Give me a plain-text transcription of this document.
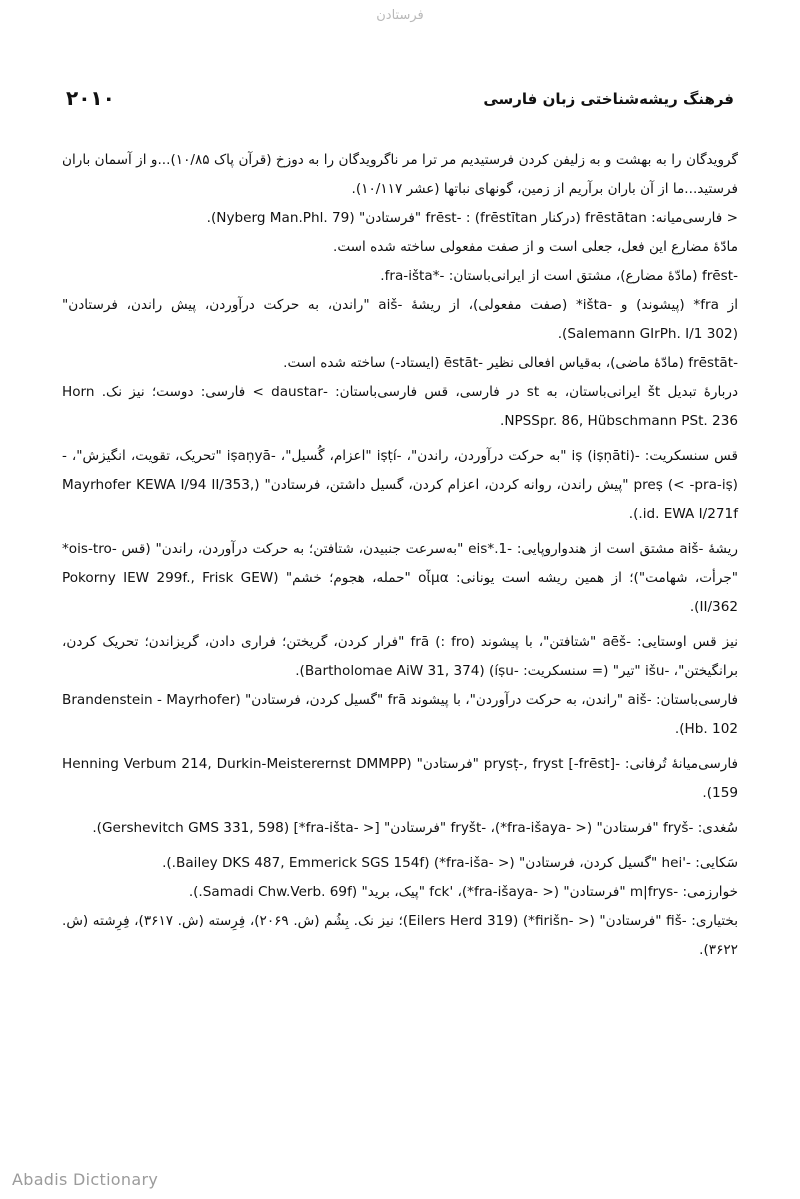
فرستادن
فرهنگ ریشه‌شناختی زبان فارسی
۲۰۱۰

گرویدگان را به بهشت و به زلیفن کردن فرستیدیم مر ترا مر ناگرویدگان را به دوزخ (قرآن پاک ۱۰/۸۵)...و از آسمان باران فرستید...ما از آن باران برآریم از زمین، گونهای نباتها (عشر ۱۰/۱۱۷).

< فارسی‌میانه: frēstātan (درکنار frēstītan) : -frēst "فرستادن" (Nyberg Man.Phl. 79).

مادّهٔ مضارع این فعل، جعلی است و از صفت مفعولی ساخته شده است.

-frēst (مادّهٔ مضارع)، مشتق است از ایرانی‌باستان: -*fra-išta.

از fra* (پیشوند) و -išta* (صفت مفعولی)، از ریشهٔ -aiš "راندن، به حرکت درآوردن، پیش راندن، فرستادن" (Salemann GIrPh. I/1 302).

-frēstāt (مادّهٔ ماضی)، به‌قیاس افعالی نظیر -ēstāt (ایستاد-) ساخته شده است.

دربارهٔ تبدیل št ایرانی‌باستان، به st در فارسی، قس فارسی‌باستان: -daustar > فارسی: دوست؛ نیز نک. Horn NPSSpr. 86, Hübschmann PSt. 236.

قس سنسکریت: -iṣ (iṣṇāti) "به حرکت درآوردن، راندن"، -iṣṭí "اعزام، گُسیل"، -iṣaṇyā "تحریک، تقویت، انگیزش"، -preṣ (< -pra-iṣ) "پیش راندن، روانه کردن، اعزام کردن، گسیل داشتن، فرستادن" (Mayrhofer KEWA I/94 II/353, id. EWA I/271f.).

ریشهٔ -aiš مشتق است از هندواروپایی: -1.*eis "به‌سرعت جنبیدن، شتافتن؛ به حرکت درآوردن، راندن" (قس -ois-tro* "جرأت، شهامت")؛ از همین ریشه است یونانی: οἶμα "حمله، هجوم؛ خشم" (Pokorny IEW 299f., Frisk GEW II/362).

نیز قس اوستایی: -aēš "شتافتن"، با پیشوند frā (: fro) "فرار کردن، گریختن؛ فراری دادن، گریزاندن؛ تحریک کردن، برانگیختن"، -išu "تیر" (= سنسکریت: -íṣu) (Bartholomae AiW 31, 374).

فارسی‌باستان: -aiš "راندن، به حرکت درآوردن"، با پیشوند frā "گسیل کردن، فرستادن" (Brandenstein - Mayrhofer Hb. 102).

فارسی‌میانهٔ تُرفانی: -prysṭ-, fryst [-frēst] "فرستادن" (Henning Verbum 214, Durkin-Meisterernst DMMPP 159).

سُغدی: -fryš "فرستادن" (< -fra-išaya*)، -fryšt "فرستادن" [< -fra-išta*] (Gershevitch GMS 331, 598).

سَکایی: -'hei "گسیل کردن، فرستادن" (< -fra-iša*) (Bailey DKS 487, Emmerick SGS 154f.).

خوارزمی: -m|frys "فرستادن" (< -fra-išaya*)، 'fck "پیک، برید" (Samadi Chw.Verb. 69f.).

بختیاری: -fiš "فرستادن" (< -firišn*) (Eilers Herd 319)؛ نیز نک. بِشُم (ش. ۲۰۶۹)، فِرِسته (ش. ۳۶۱۷)، فِرِشته (ش. ۳۶۲۲).

Abadis Dictionary
